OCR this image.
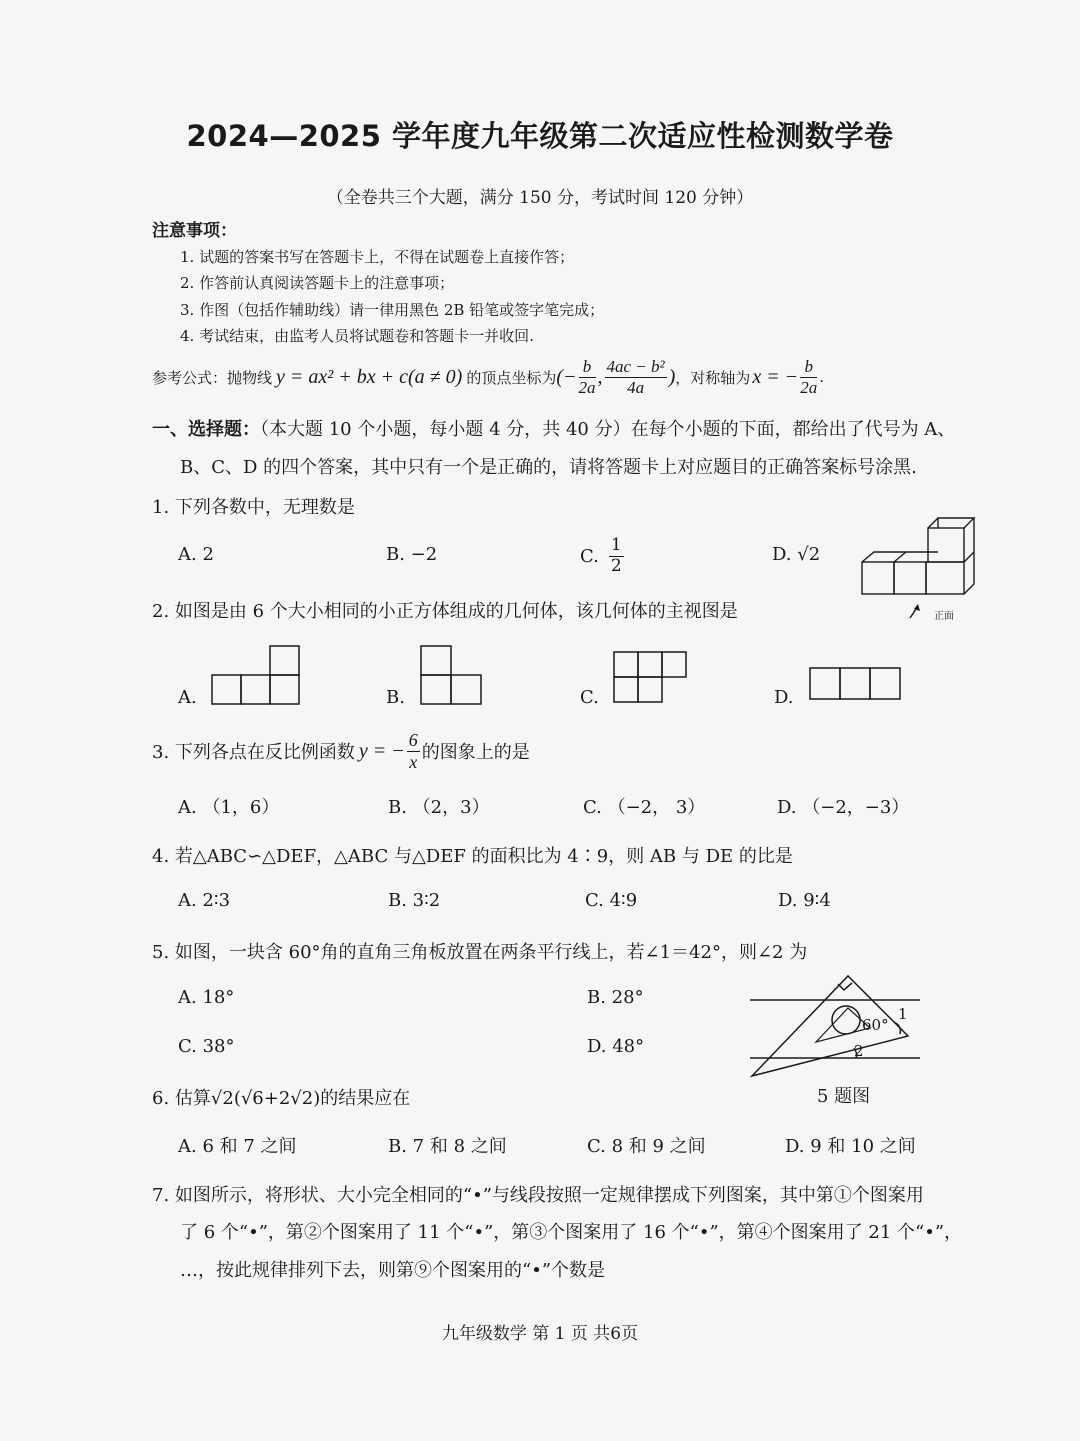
2024—2025 学年度九年级第二次适应性检测数学卷
（全卷共三个大题，满分 150 分，考试时间 120 分钟）
注意事项：
1. 试题的答案书写在答题卡上，不得在试题卷上直接作答；
2. 作答前认真阅读答题卡上的注意事项；
3. 作图（包括作辅助线）请一律用黑色 2B 铅笔或签字笔完成；
4. 考试结束，由监考人员将试题卷和答题卡一并收回.
参考公式： 抛物线 y = ax² + bx + c(a ≠ 0) 的顶点坐标为 (− $\frac{b}{2a}$ , $\frac{\text{4ac − b²}}{4a}$ ) ，对称轴为 x = − $\frac{b}{2a}$ .
一、选择题：（本大题 10 个小题，每小题 4 分，共 40 分）在每个小题的下面，都给出了代号为 A、
B、C、D 的四个答案，其中只有一个是正确的，请将答题卡上对应题目的正确答案标号涂黑.
1. 下列各数中，无理数是
A. 2	B. −2	C. $\frac{1}{2}$	D. √2
正面
2. 如图是由 6 个大小相同的小正方体组成的几何体，该几何体的主视图是
A.	B.	C.	D.
3. 下列各点在反比例函数 y = − $\frac{6}{x}$ 的图象上的是
A. （1，6）	B. （2，3）	C. （−2， 3）	D. （−2，−3）
4. 若△ABC∽△DEF，△ABC 与△DEF 的面积比为 4∶9，则 AB 与 DE 的比是
A. 2∶3	B. 3∶2	C. 4∶9	D. 9∶4
5. 如图，一块含 60°角的直角三角板放置在两条平行线上，若∠1＝42°，则∠2 为
A. 18°	B. 28°
C. 38°	D. 48°
60°
1
2
5 题图
6. 估算√2(√6+2√2)的结果应在
A. 6 和 7 之间	B. 7 和 8 之间	C. 8 和 9 之间	D. 9 和 10 之间
7. 如图所示，将形状、大小完全相同的“•”与线段按照一定规律摆成下列图案，其中第①个图案用
了 6 个“•”，第②个图案用了 11 个“•”，第③个图案用了 16 个“•”，第④个图案用了 21 个“•”，
…，按此规律排列下去，则第⑨个图案用的“•”个数是
九年级数学 第 1 页 共6页
